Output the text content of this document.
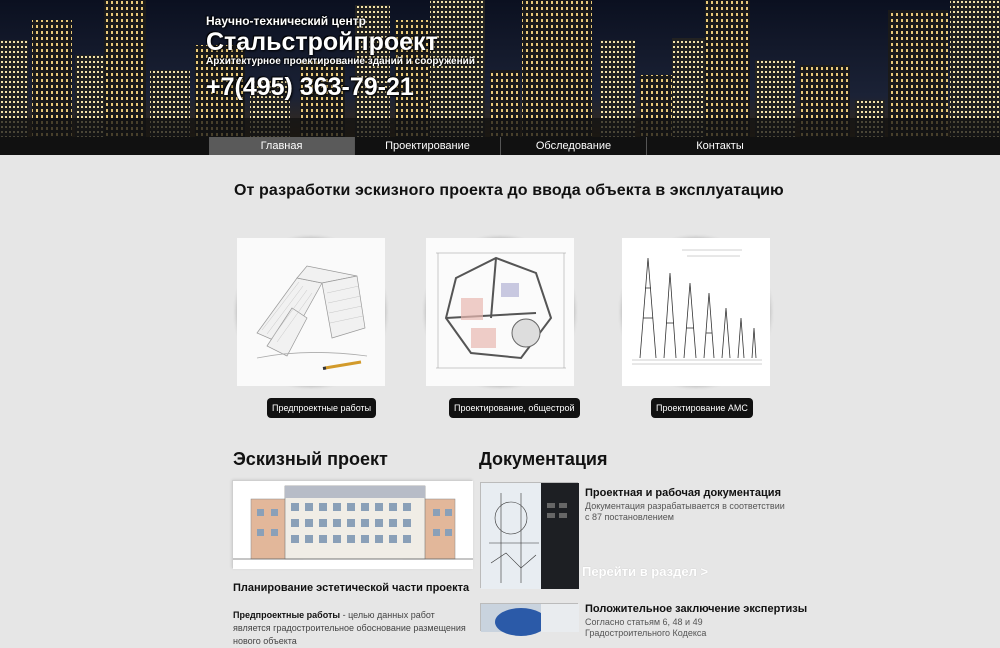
Научно-технический центр
Стальстройпроект
Архитектурное проектирование зданий и сооружений
+7(495) 363-79-21
Главная	Проектирование	Обследование	Контакты
От разработки эскизного проекта до ввода объекта в эксплуатацию
Предпроектные работы	Проектирование, общестрой	Проектирование АМС
Эскизный проект
Планирование эстетической части проекта
Предпроектные работы - целью данных работ является градостроительное обоснование размещения нового объекта
Документация
Проектная и рабочая документация
Документация разрабатывается в соответствии с 87 постановлением
Перейти в раздел >
Положительное заключение экспертизы
Согласно статьям 6, 48 и 49 Градостроительного Кодекса
